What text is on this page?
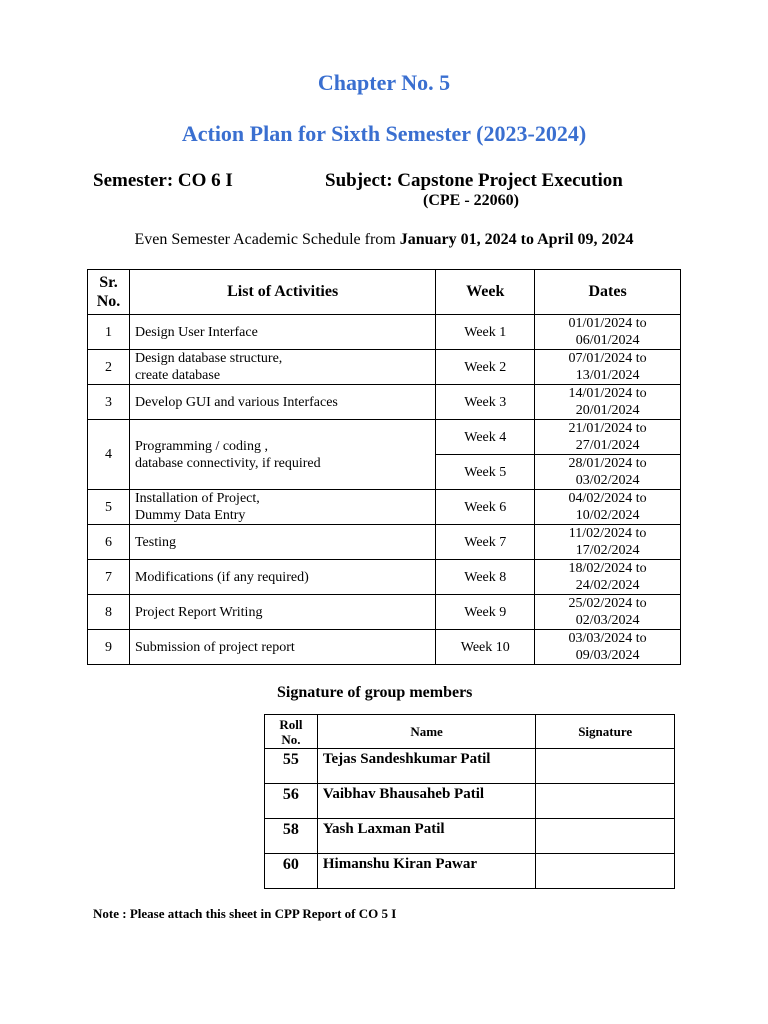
Chapter No. 5
Action Plan for Sixth Semester (2023-2024)
Semester: CO 6 I	Subject: Capstone Project Execution
(CPE - 22060)
Even Semester Academic Schedule from January 01, 2024 to April 09, 2024
Sr.
No.	List of Activities	Week	Dates
1	Design User Interface	Week 1	01/01/2024 to
06/01/2024

2	Design database structure,
create database	Week 2	07/01/2024 to
13/01/2024

3	Develop GUI and various Interfaces	Week 3	14/01/2024 to
20/01/2024

4	Programming / coding ,
database connectivity, if required	Week 4	21/01/2024 to
27/01/2024

		Week 5	28/01/2024 to
03/02/2024

5	Installation of Project,
Dummy Data Entry	Week 6	04/02/2024 to
10/02/2024

6	Testing	Week 7	11/02/2024 to
17/02/2024

7	Modifications (if any required)	Week 8	18/02/2024 to
24/02/2024

8	Project Report Writing	Week 9	25/02/2024 to
02/03/2024

9	Submission of project report	Week 10	03/03/2024 to
09/03/2024
Signature of group members
Roll
No.	Name	Signature
55	Tejas Sandeshkumar Patil	
56	Vaibhav Bhausaheb Patil	
58	Yash Laxman Patil	
60	Himanshu Kiran Pawar	
Note : Please attach this sheet in CPP Report of CO 5 I
